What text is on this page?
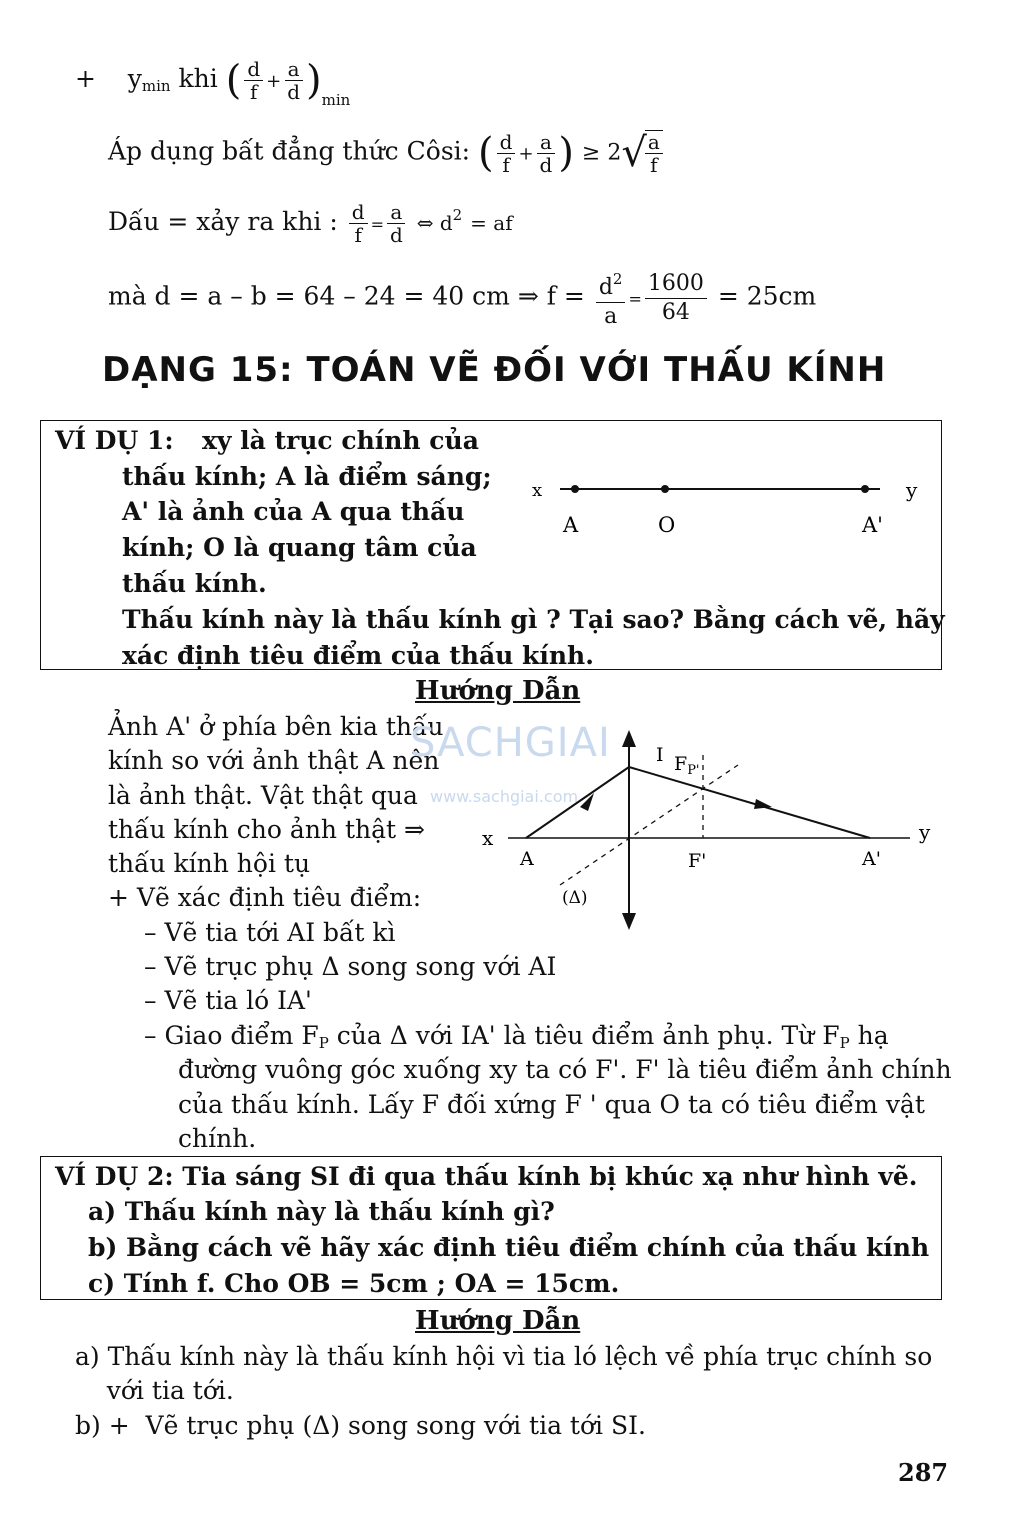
+ $y_{min}$ khi ( $\frac{d}{f} + \frac{a}{d} )_{min}$
Áp dụng bất đẳng thức Côsi: ( $\frac{d}{f} + \frac{a}{d}$ ) ≥ 2√
$\frac{a}{f}$
Dấu = xảy ra khi : $\frac{d}{f} = \frac{a}{d}$ ⇔ $d^2$ = af
mà d = a – b = 64 – 24 = 40 cm ⇒ $f = \frac{d^2}{a} = \frac{1600}{64} = 25cm$
DẠNG 15: TOÁN VẼ ĐỐI VỚI THẤU KÍNH
VÍ DỤ 1: xy là trục chính của
thấu kính; A là điểm sáng;
A' là ảnh của A qua thấu
kính; O là quang tâm của
thấu kính.
Thấu kính này là thấu kính gì ? Tại sao? Bằng cách vẽ, hãy
xác định tiêu điểm của thấu kính.
x	y
A	O	A'
Hướng Dẫn
Ảnh A' ở phía bên kia thấu
kính so với ảnh thật A nên
là ảnh thật. Vật thật qua
thấu kính cho ảnh thật ⇒
thấu kính hội tụ
+ Vẽ xác định tiêu điểm:
– Vẽ tia tới AI bất kì
– Vẽ trục phụ Δ song song với AI
– Vẽ tia ló IA'
– Giao điểm $F_P$ của Δ với IA' là tiêu điểm ảnh phụ. Từ $F_P$ hạ
đường vuông góc xuống xy ta có F'. F' là tiêu điểm ảnh chính
của thấu kính. Lấy F đối xứng F ' qua O ta có tiêu điểm vật
chính.
SACHGIAI
www.sachgiai.com
x	y
A	F'	A'
I $F_{P'}$
(Δ)
VÍ DỤ 2: Tia sáng SI đi qua thấu kính bị khúc xạ như hình vẽ.
a) Thấu kính này là thấu kính gì?
b) Bằng cách vẽ hãy xác định tiêu điểm chính của thấu kính
c) Tính f. Cho OB = 5cm ; OA = 15cm.
Hướng Dẫn
a) Thấu kính này là thấu kính hội vì tia ló lệch về phía trục chính so
với tia tới.
b) +  Vẽ trục phụ (Δ) song song với tia tới SI.
287
